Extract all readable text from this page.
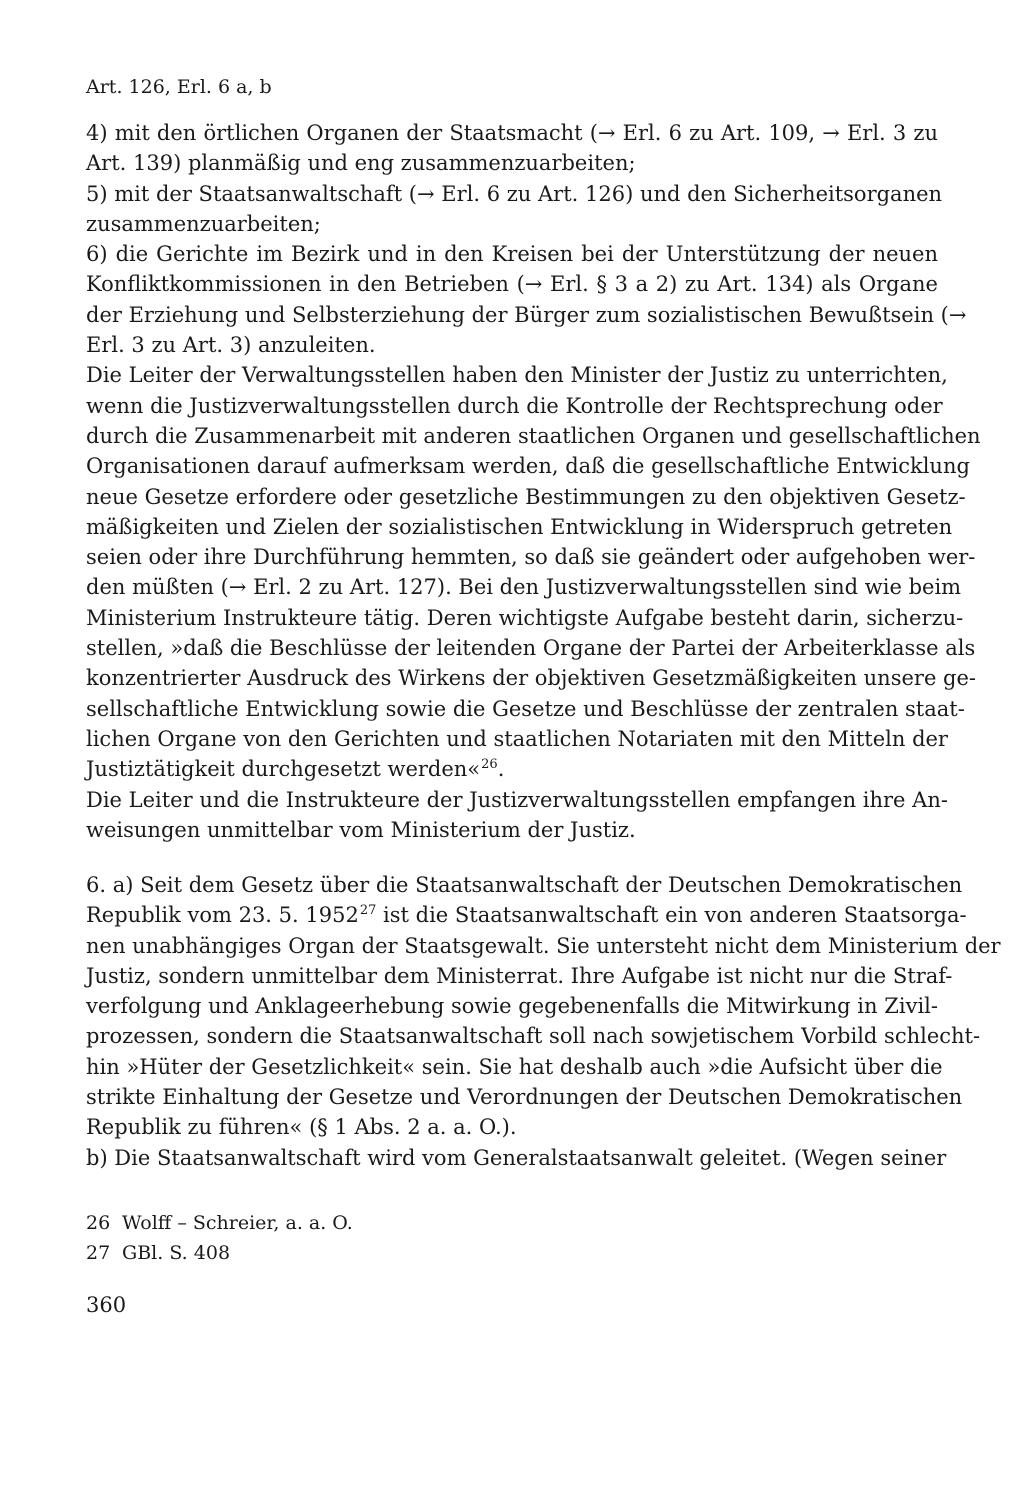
Art. 126, Erl. 6 a, b
4) mit den örtlichen Organen der Staatsmacht (→ Erl. 6 zu Art. 109, → Erl. 3 zu
Art. 139) planmäßig und eng zusammenzuarbeiten;
5) mit der Staatsanwaltschaft (→ Erl. 6 zu Art. 126) und den Sicherheitsorganen
zusammenzuarbeiten;
6) die Gerichte im Bezirk und in den Kreisen bei der Unterstützung der neuen
Konfliktkommissionen in den Betrieben (→ Erl. § 3 a 2) zu Art. 134) als Organe
der Erziehung und Selbsterziehung der Bürger zum sozialistischen Bewußtsein (→
Erl. 3 zu Art. 3) anzuleiten.
Die Leiter der Verwaltungsstellen haben den Minister der Justiz zu unterrichten,
wenn die Justizverwaltungsstellen durch die Kontrolle der Rechtsprechung oder
durch die Zusammenarbeit mit anderen staatlichen Organen und gesellschaftlichen
Organisationen darauf aufmerksam werden, daß die gesellschaftliche Entwicklung
neue Gesetze erfordere oder gesetzliche Bestimmungen zu den objektiven Gesetz-
mäßigkeiten und Zielen der sozialistischen Entwicklung in Widerspruch getreten
seien oder ihre Durchführung hemmten, so daß sie geändert oder aufgehoben wer-
den müßten (→ Erl. 2 zu Art. 127). Bei den Justizverwaltungsstellen sind wie beim
Ministerium Instrukteure tätig. Deren wichtigste Aufgabe besteht darin, sicherzu-
stellen, »daß die Beschlüsse der leitenden Organe der Partei der Arbeiterklasse als
konzentrierter Ausdruck des Wirkens der objektiven Gesetzmäßigkeiten unsere ge-
sellschaftliche Entwicklung sowie die Gesetze und Beschlüsse der zentralen staat-
lichen Organe von den Gerichten und staatlichen Notariaten mit den Mitteln der
Justiztätigkeit durchgesetzt werden«$^{26}$.
Die Leiter und die Instrukteure der Justizverwaltungsstellen empfangen ihre An-
weisungen unmittelbar vom Ministerium der Justiz.
6. a) Seit dem Gesetz über die Staatsanwaltschaft der Deutschen Demokratischen
Republik vom 23. 5. 1952$^{27}$ ist die Staatsanwaltschaft ein von anderen Staatsorga-
nen unabhängiges Organ der Staatsgewalt. Sie untersteht nicht dem Ministerium der
Justiz, sondern unmittelbar dem Ministerrat. Ihre Aufgabe ist nicht nur die Straf-
verfolgung und Anklageerhebung sowie gegebenenfalls die Mitwirkung in Zivil-
prozessen, sondern die Staatsanwaltschaft soll nach sowjetischem Vorbild schlecht-
hin »Hüter der Gesetzlichkeit« sein. Sie hat deshalb auch »die Aufsicht über die
strikte Einhaltung der Gesetze und Verordnungen der Deutschen Demokratischen
Republik zu führen« (§ 1 Abs. 2 a. a. O.).
b) Die Staatsanwaltschaft wird vom Generalstaatsanwalt geleitet. (Wegen seiner
26 Wolff – Schreier, a. a. O.
27 GBl. S. 408
360
